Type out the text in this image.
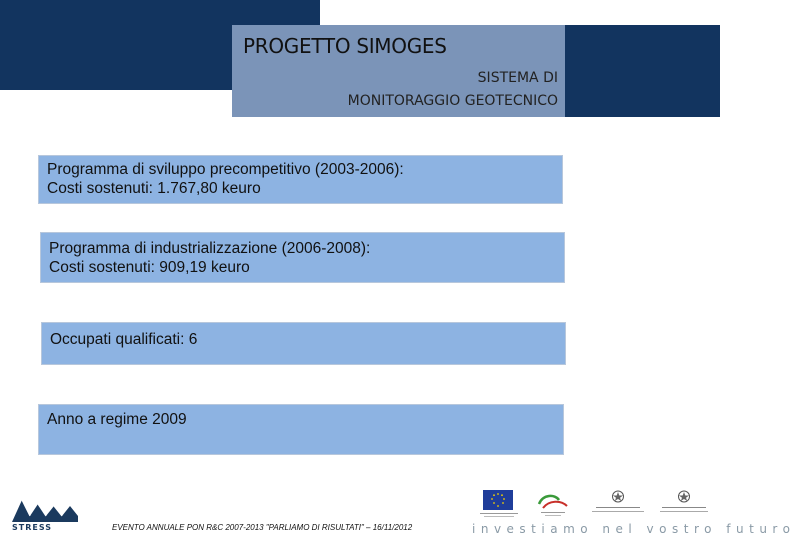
PROGETTO SIMOGES
SISTEMA DI
MONITORAGGIO GEOTECNICO
Programma di sviluppo precompetitivo (2003-2006):
Costi sostenuti: 1.767,80 keuro
Programma di industrializzazione (2006-2008):
Costi sostenuti: 909,19 keuro
Occupati qualificati: 6
Anno a regime 2009
STRESS	EVENTO ANNUALE PON R&C 2007-2013 "PARLIAMO DI RISULTATI" – 16/11/2012	investiamo nel vostro futuro
